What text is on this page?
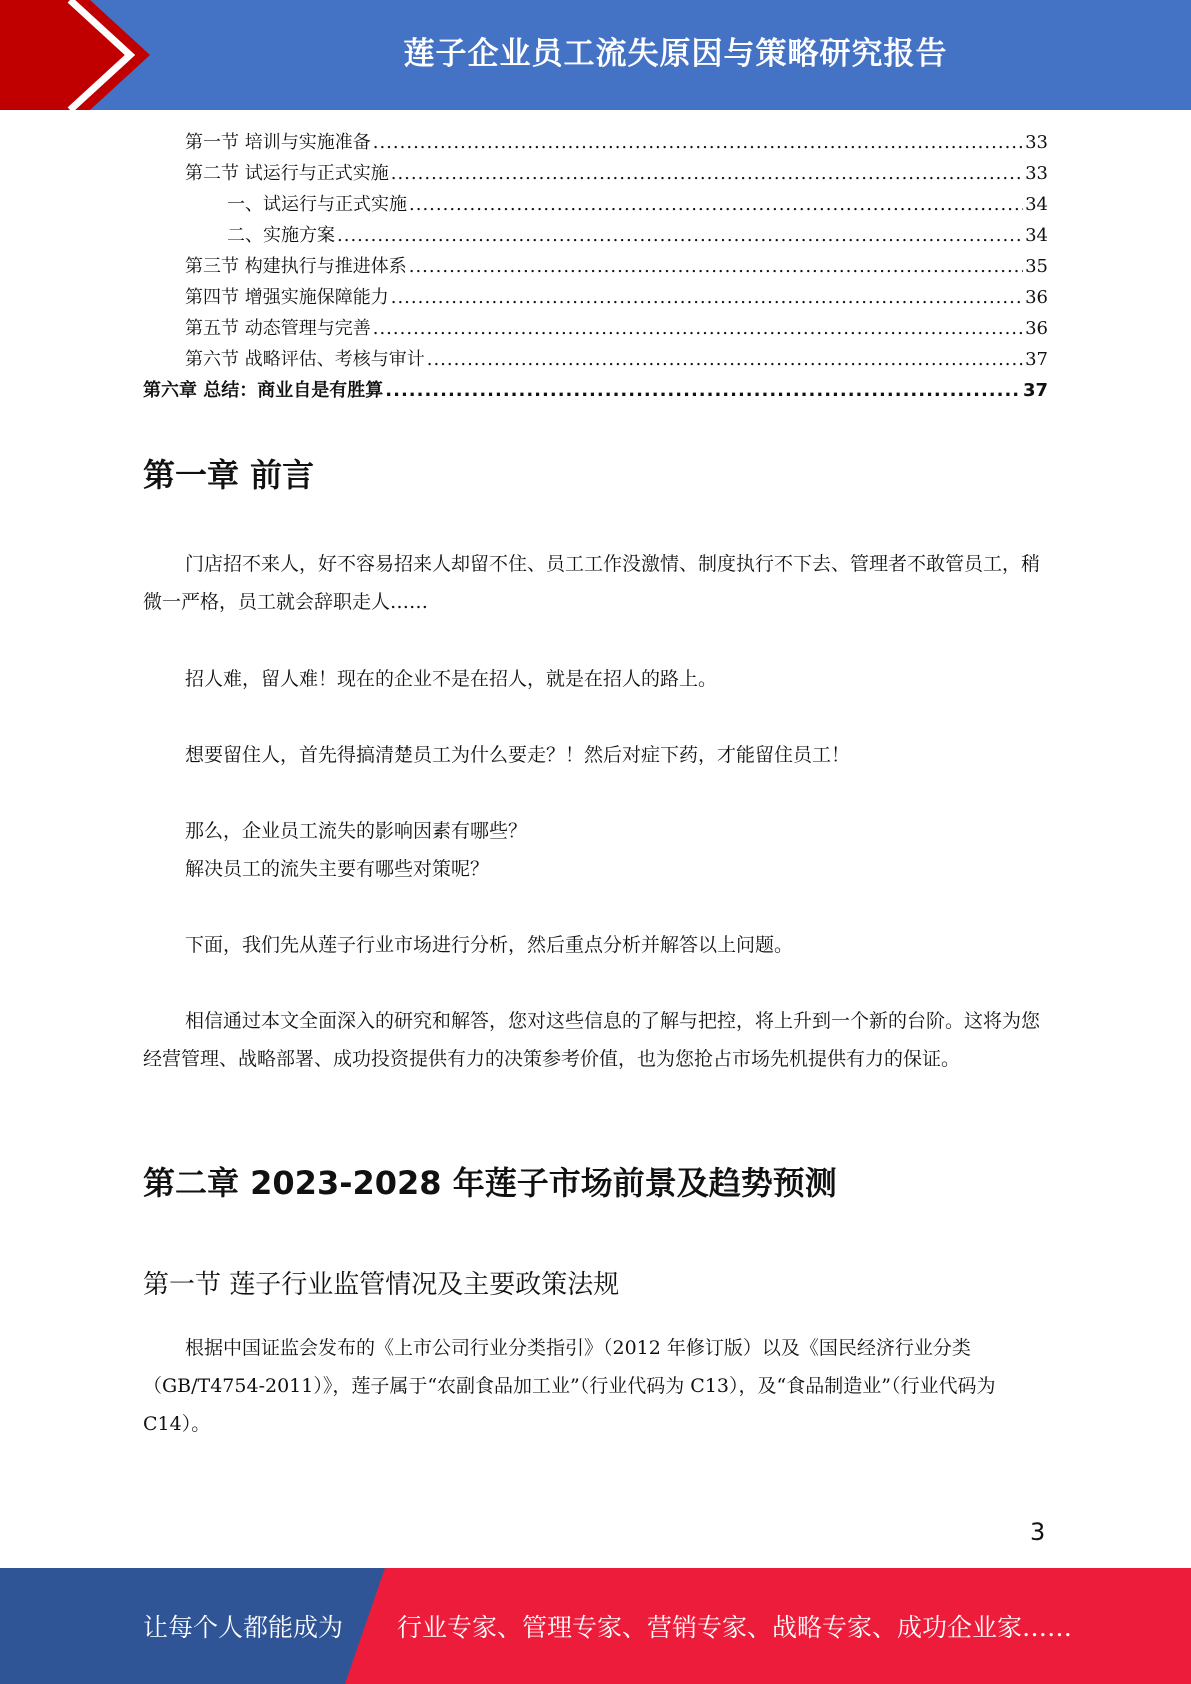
莲子企业员工流失原因与策略研究报告
第一节 培训与实施准备 .....	33
第二节 试运行与正式实施 .....	33
一、试运行与正式实施 .....	34
二、实施方案 .....	34
第三节 构建执行与推进体系 .....	35
第四节 增强实施保障能力 .....	36
第五节 动态管理与完善 .....	36
第六节 战略评估、考核与审计 .....	37
第六章 总结：商业自是有胜算 .....	37
第一章 前言

门店招不来人，好不容易招来人却留不住、员工工作没激情、制度执行不下去、管理者不敢管员工，稍微一严格，员工就会辞职走人……

招人难，留人难！现在的企业不是在招人，就是在招人的路上。

想要留住人，首先得搞清楚员工为什么要走？！然后对症下药，才能留住员工！

那么，企业员工流失的影响因素有哪些？

解决员工的流失主要有哪些对策呢？

下面，我们先从莲子行业市场进行分析，然后重点分析并解答以上问题。

相信通过本文全面深入的研究和解答，您对这些信息的了解与把控，将上升到一个新的台阶。这将为您经营管理、战略部署、成功投资提供有力的决策参考价值，也为您抢占市场先机提供有力的保证。

第二章 2023-2028 年莲子市场前景及趋势预测
第一节 莲子行业监管情况及主要政策法规

根据中国证监会发布的《上市公司行业分类指引》（2012 年修订版）以及《国民经济行业分类（GB/T4754-2011）》，莲子属于“农副食品加工业”（行业代码为 C13），及“食品制造业”（行业代码为 C14）。

3
让每个人都能成为 行业专家、管理专家、营销专家、战略专家、成功企业家……
